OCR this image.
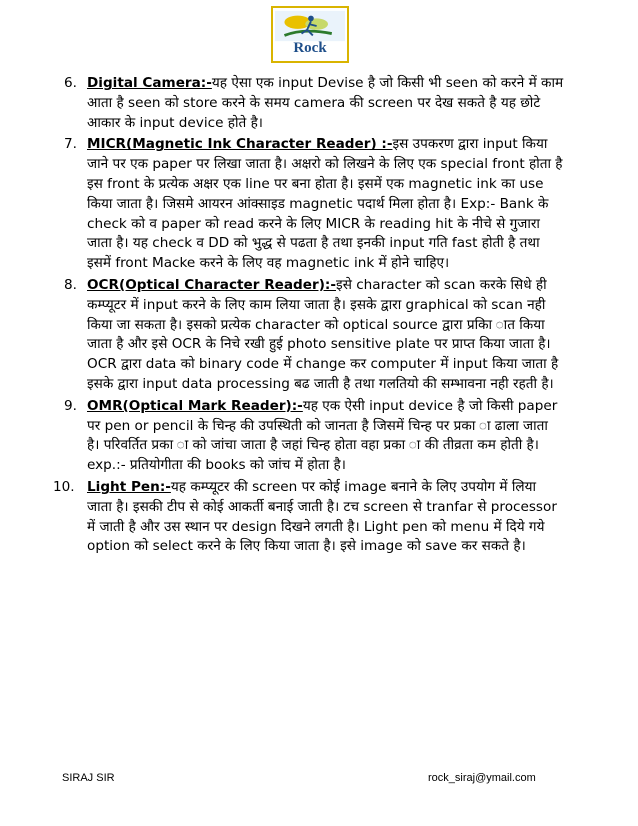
Rock
6. Digital Camera:-यह ऐसा एक input Devise है जो किसी भी seen को करने में काम आता है seen को store करने के समय camera की screen पर देख सकते है यह छोटे आकार के input device होते है।
7. MICR(Magnetic Ink Character Reader) :-इस उपकरण द्वारा input किया जाने पर एक paper पर लिखा जाता है। अक्षरो को लिखने के लिए एक special front होता है इस front के प्रत्येक अक्षर एक line पर बना होता है। इसमें एक magnetic ink का use किया जाता है। जिसमे आयरन आंक्साइड magnetic पदार्थ मिला होता है। Exp:- Bank के check को व paper को read करने के लिए MICR के reading hit के नीचे से गुजारा जाता है। यह check व DD को भुद्ध से पढता है तथा इनकी input गति fast होती है तथा इसमें front Macke करने के लिए वह magnetic ink में होने चाहिए।
8. OCR(Optical Character Reader):-इसे character को scan करके सिधे ही कम्प्यूटर में input करने के लिए काम लिया जाता है। इसके द्वारा graphical को scan नही किया जा सकता है। इसको प्रत्येक character को optical source द्वारा प्रकाि ात किया जाता है और इसे OCR के निचे रखी हुई photo sensitive plate पर प्राप्त किया जाता है। OCR द्वारा data को binary code में change कर computer में input किया जाता है इसके द्वारा input data processing बढ जाती है तथा गलतियो की सम्भावना नही रहती है।
9. OMR(Optical Mark Reader):-यह एक ऐसी input device है जो किसी paper पर pen or pencil के चिन्ह की उपस्थिती को जानता है जिसमें चिन्ह पर प्रका ा ढाला जाता है। परिवर्तित प्रका ा को जांचा जाता है जहां चिन्ह होता वहा प्रका ा की तीव्रता कम होती है। exp.:- प्रतियोगीता की books को जांच में होता है।
10. Light Pen:-यह कम्प्यूटर की screen पर कोई image बनाने के लिए उपयोग में लिया जाता है। इसकी टीप से कोई आकर्ती बनाई जाती है। टच screen से tranfar से processor में जाती है और उस स्थान पर design दिखने लगती है। Light pen को menu में दिये गये option को select करने के लिए किया जाता है। इसे image को save कर सकते है।
SIRAJ SIR	rock_siraj@ymail.com
